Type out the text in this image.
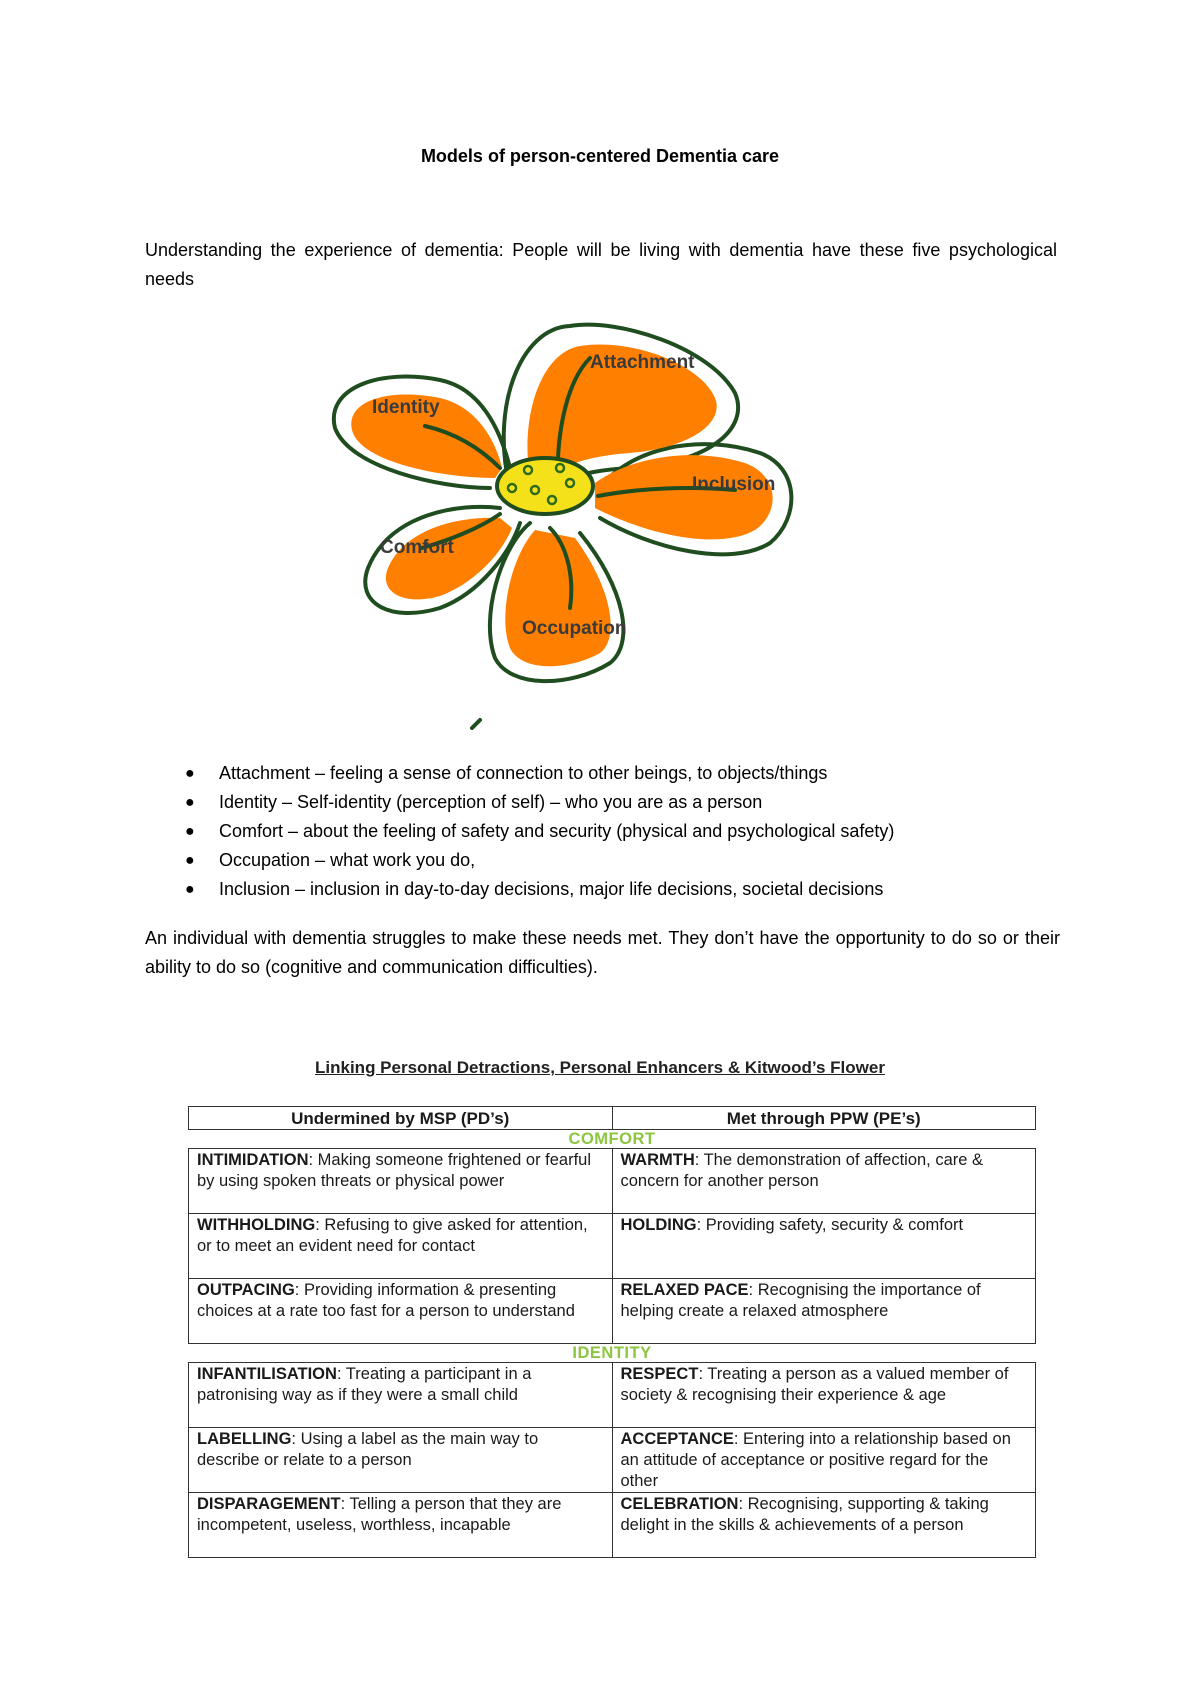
Models of person-centered Dementia care

Understanding the experience of dementia: People will be living with dementia have these five psychological needs

Attachment
Identity
Inclusion
Comfort
Occupation
● Attachment – feeling a sense of connection to other beings, to objects/things
● Identity – Self-identity (perception of self) – who you are as a person
● Comfort – about the feeling of safety and security (physical and psychological safety)
● Occupation – what work you do,
● Inclusion – inclusion in day-to-day decisions, major life decisions, societal decisions

An individual with dementia struggles to make these needs met. They don’t have the opportunity to do so or their ability to do so (cognitive and communication difficulties).

Linking Personal Detractions, Personal Enhancers & Kitwood’s Flower

Undermined by MSP (PD’s)	Met through PPW (PE’s)
COMFORT	
INTIMIDATION: Making someone frightened or fearful by using spoken threats or physical power	WARMTH: The demonstration of affection, care & concern for another person
WITHHOLDING: Refusing to give asked for attention, or to meet an evident need for contact	HOLDING: Providing safety, security & comfort
OUTPACING: Providing information & presenting choices at a rate too fast for a person to understand	RELAXED PACE: Recognising the importance of helping create a relaxed atmosphere
IDENTITY	
INFANTILISATION: Treating a participant in a patronising way as if they were a small child	RESPECT: Treating a person as a valued member of society & recognising their experience & age
LABELLING: Using a label as the main way to describe or relate to a person	ACCEPTANCE: Entering into a relationship based on an attitude of acceptance or positive regard for the other
DISPARAGEMENT: Telling a person that they are incompetent, useless, worthless, incapable	CELEBRATION: Recognising, supporting & taking delight in the skills & achievements of a person
